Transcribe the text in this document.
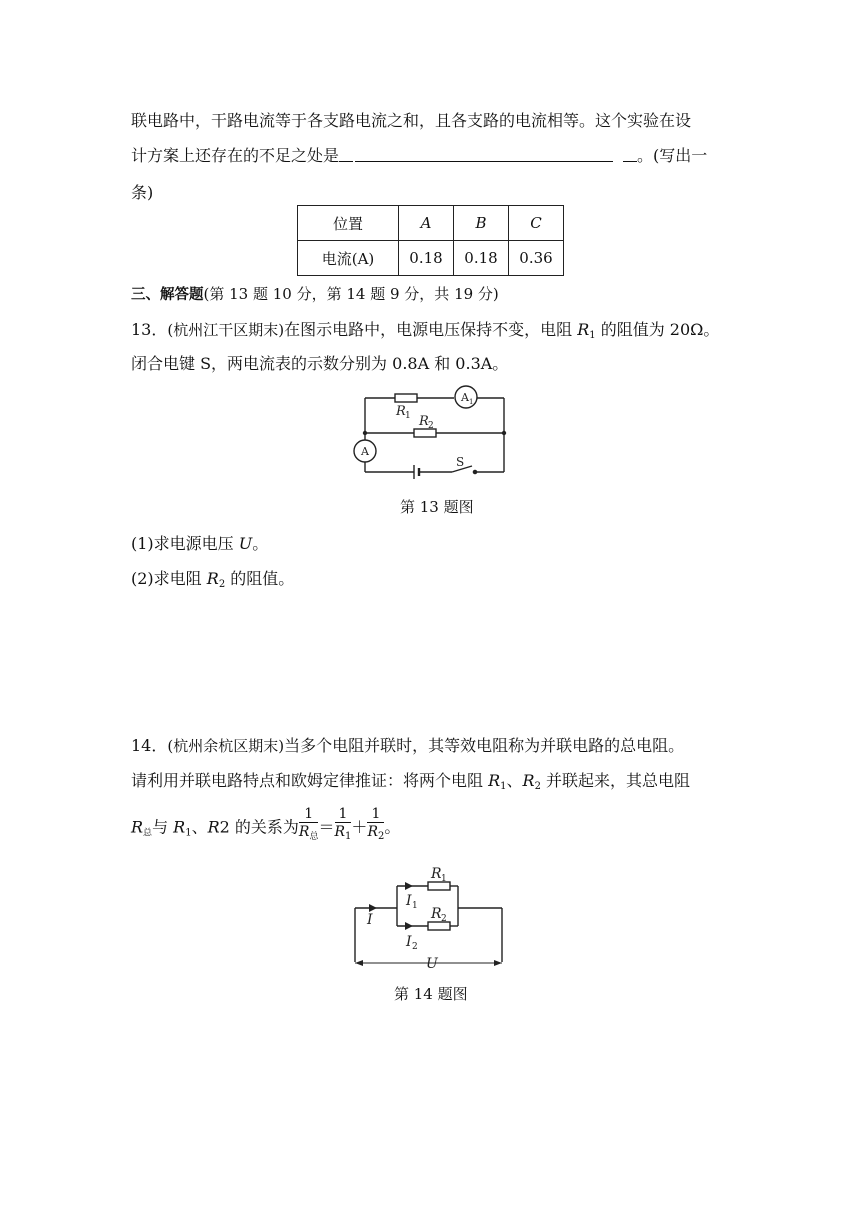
联电路中，干路电流等于各支路电流之和，且各支路的电流相等。这个实验在设
计方案上还存在的不足之处是	。(写出一
条)
位置	A	B	C
电流(A)	0.18	0.18	0.36
三、解答题(第 13 题 10 分，第 14 题 9 分，共 19 分)
13．(杭州江干区期末)在图示电路中，电源电压保持不变，电阻 $R_1$ 的阻值为 20Ω。
闭合电键 S，两电流表的示数分别为 0.8A 和 0.3A。
R 1 R 2
A 1
A
S
第 13 题图
(1)求电源电压 U。
(2)求电阻 $R_2$ 的阻值。
14．(杭州余杭区期末)当多个电阻并联时，其等效电阻称为并联电路的总电阻。
请利用并联电路特点和欧姆定律推证：将两个电阻 $R_1$、$R_2$ 并联起来，其总电阻
$R_总$与 $R_1$、R2 的关系为 $\frac{1}{R_总} = \frac{1}{R_1} + \frac{1}{R_2}$ 。
R 1
R 2
I
I 1
I 2
U
第 14 题图
